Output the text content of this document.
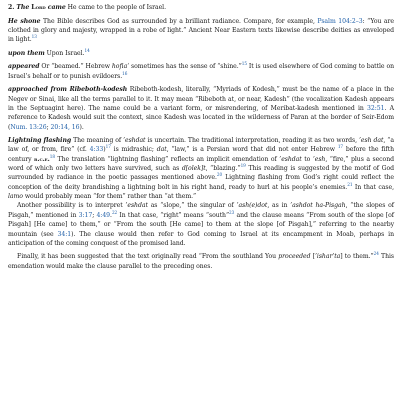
2. The Lord came He came to the people of Israel.

He shone The Bible describes God as surrounded by a brilliant radiance. Compare, for example, Psalm 104:2–3: “You are clothed in glory and majesty, wrapped in a robe of light.” Ancient Near Eastern texts likewise describe deities as enveloped in light.$^{13}$

upon them Upon Israel.$^{14}$

appeared Or “beamed.” Hebrew hofia‘ sometimes has the sense of “shine.”$^{15}$ It is used elsewhere of God coming to battle on Israel’s behalf or to punish evildoers.$^{16}$

approached from Ribeboth-kodesh Ribeboth-kodesh, literally, “Myriads of Kodesh,” must be the name of a place in the Negev or Sinai, like all the terms parallel to it. It may mean “Ribeboth at, or near, Kadesh” (the vocalization Kadesh appears in the Septuagint here). The name could be a variant form, or misrendering, of Meribat-kadesh mentioned in 32:51. A reference to Kadesh would suit the context, since Kadesh was located in the wilderness of Paran at the border of Seir-Edom (Num. 13:26; 20:14, 16).

Lightning flashing The meaning of ’eshdat is uncertain. The traditional interpretation, reading it as two words, ’esh dat, “a law of, or from, fire” (cf. 4:33)$^{17}$ is midrashic; dat, “law,” is a Persian word that did not enter Hebrew $^{17}$ before the fifth century b.c.e.$^{18}$ The translation “lightning flashing” reflects an implicit emendation of ’eshdat to ’esh, “fire,” plus a second word of which only two letters have survived, such as d[olek]t, “blazing.”$^{19}$ This reading is suggested by the motif of God surrounded by radiance in the poetic passages mentioned above.$^{20}$ Lightning flashing from God’s right could reflect the conception of the deity brandishing a lightning bolt in his right hand, ready to hurl at his people’s enemies.$^{21}$ In that case, lamo would probably mean “for them” rather than “at them.”

Another possibility is to interpret ’eshdat as “slope,” the singular of ’ash(e)dot, as in ’ashdot ha-Pisgah, “the slopes of Pisgah,” mentioned in 3:17; 4:49.22 In that case, “right” means “south”$^{23}$ and the clause means “From south of the slope [of Pisgah] [He came] to them,” or “From the south [He came] to them at the slope [of Pisgah],” referring to the nearby mountain (see 34:1). The clause would then refer to God coming to Israel at its encampment in Moab, perhaps in anticipation of the coming conquest of the promised land.

Finally, it has been suggested that the text originally read “From the southland You proceeded [’ishar’ta] to them.”$^{24}$ This emendation would make the clause parallel to the preceding ones.
